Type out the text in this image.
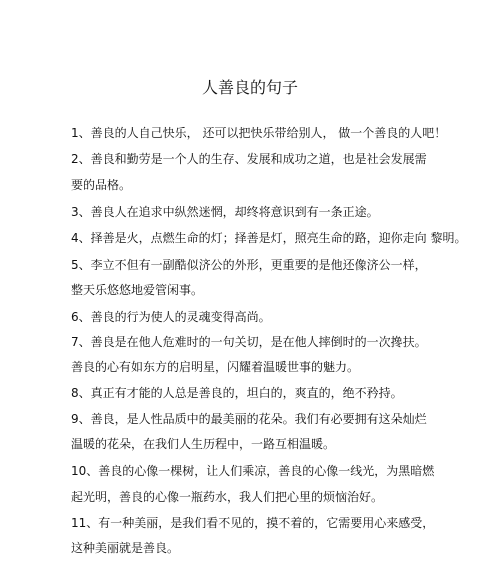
人善良的句子
1、善良的人自己快乐， 还可以把快乐带给别人， 做一个善良的人吧！
2、善良和勤劳是一个人的生存、发展和成功之道，也是社会发展需
要的品格。
3、善良人在追求中纵然迷惘，却终将意识到有一条正途。
4、择善是火，点燃生命的灯；择善是灯，照亮生命的路，迎你走向 黎明。
5、李立不但有一副酷似济公的外形，更重要的是他还像济公一样，
整天乐悠悠地爱管闲事。
6、善良的行为使人的灵魂变得高尚。
7、善良是在他人危难时的一句关切，是在他人摔倒时的一次搀扶。
善良的心有如东方的启明星，闪耀着温暖世事的魅力。
8、真正有才能的人总是善良的，坦白的，爽直的，绝不矜持。
9、善良，是人性品质中的最美丽的花朵。我们有必要拥有这朵灿烂
温暖的花朵，在我们人生历程中，一路互相温暖。
10、善良的心像一棵树，让人们乘凉，善良的心像一线光，为黑暗燃
起光明，善良的心像一瓶药水，我人们把心里的烦恼治好。
11、有一种美丽，是我们看不见的，摸不着的，它需要用心来感受，
这种美丽就是善良。
